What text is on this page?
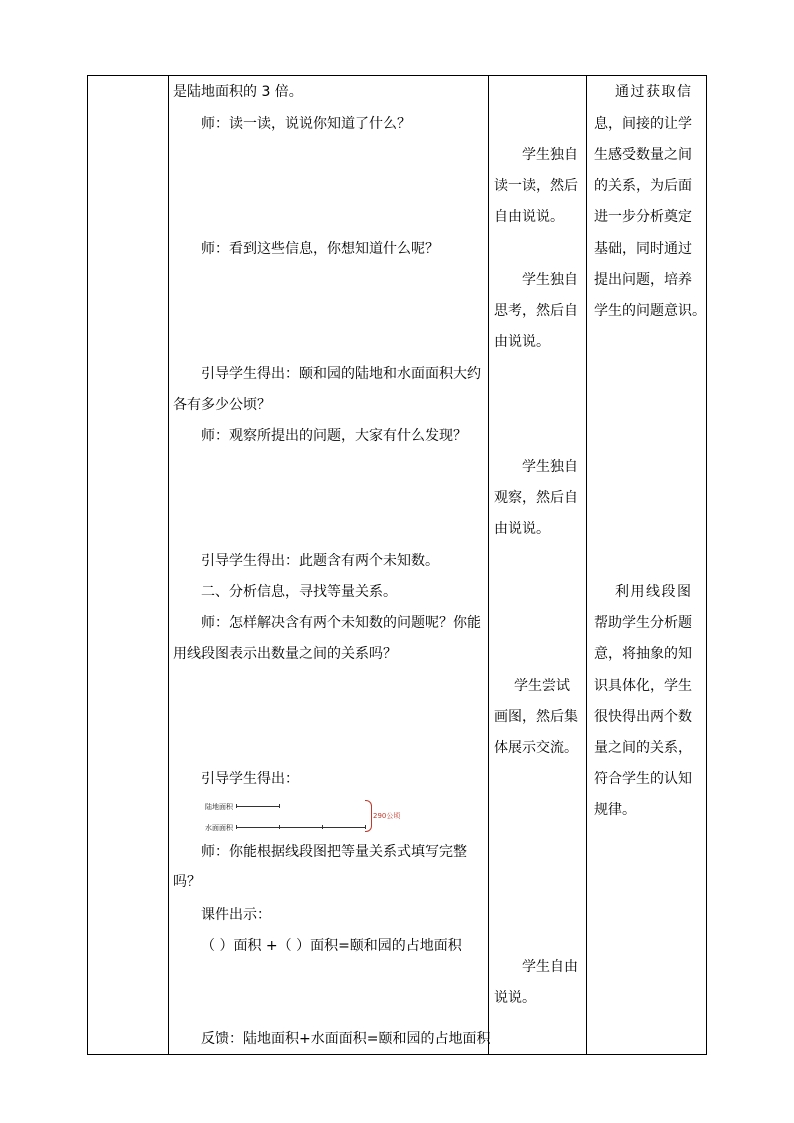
是陆地面积的 3 倍。
师：读一读，说说你知道了什么？
师：看到这些信息，你想知道什么呢？
引导学生得出：颐和园的陆地和水面面积大约
各有多少公顷？
师：观察所提出的问题，大家有什么发现？
引导学生得出：此题含有两个未知数。
二、分析信息，寻找等量关系。
师：怎样解决含有两个未知数的问题呢？你能
用线段图表示出数量之间的关系吗？
引导学生得出：
陆地面积
水面面积
290公顷
师：你能根据线段图把等量关系式填写完整
吗？
课件出示：
（ ）面积 +（ ）面积=颐和园的占地面积
反馈：陆地面积+水面面积=颐和园的占地面积
学生独自
读一读，然后
自由说说。
学生独自
思考，然后自
由说说。
学生独自
观察，然后自
由说说。
学生尝试
画图，然后集
体展示交流。
学生自由
说说。
通过获取信
息，间接的让学
生感受数量之间
的关系，为后面
进一步分析奠定
基础，同时通过
提出问题，培养
学生的问题意识。
利用线段图
帮助学生分析题
意，将抽象的知
识具体化，学生
很快得出两个数
量之间的关系，
符合学生的认知
规律。
